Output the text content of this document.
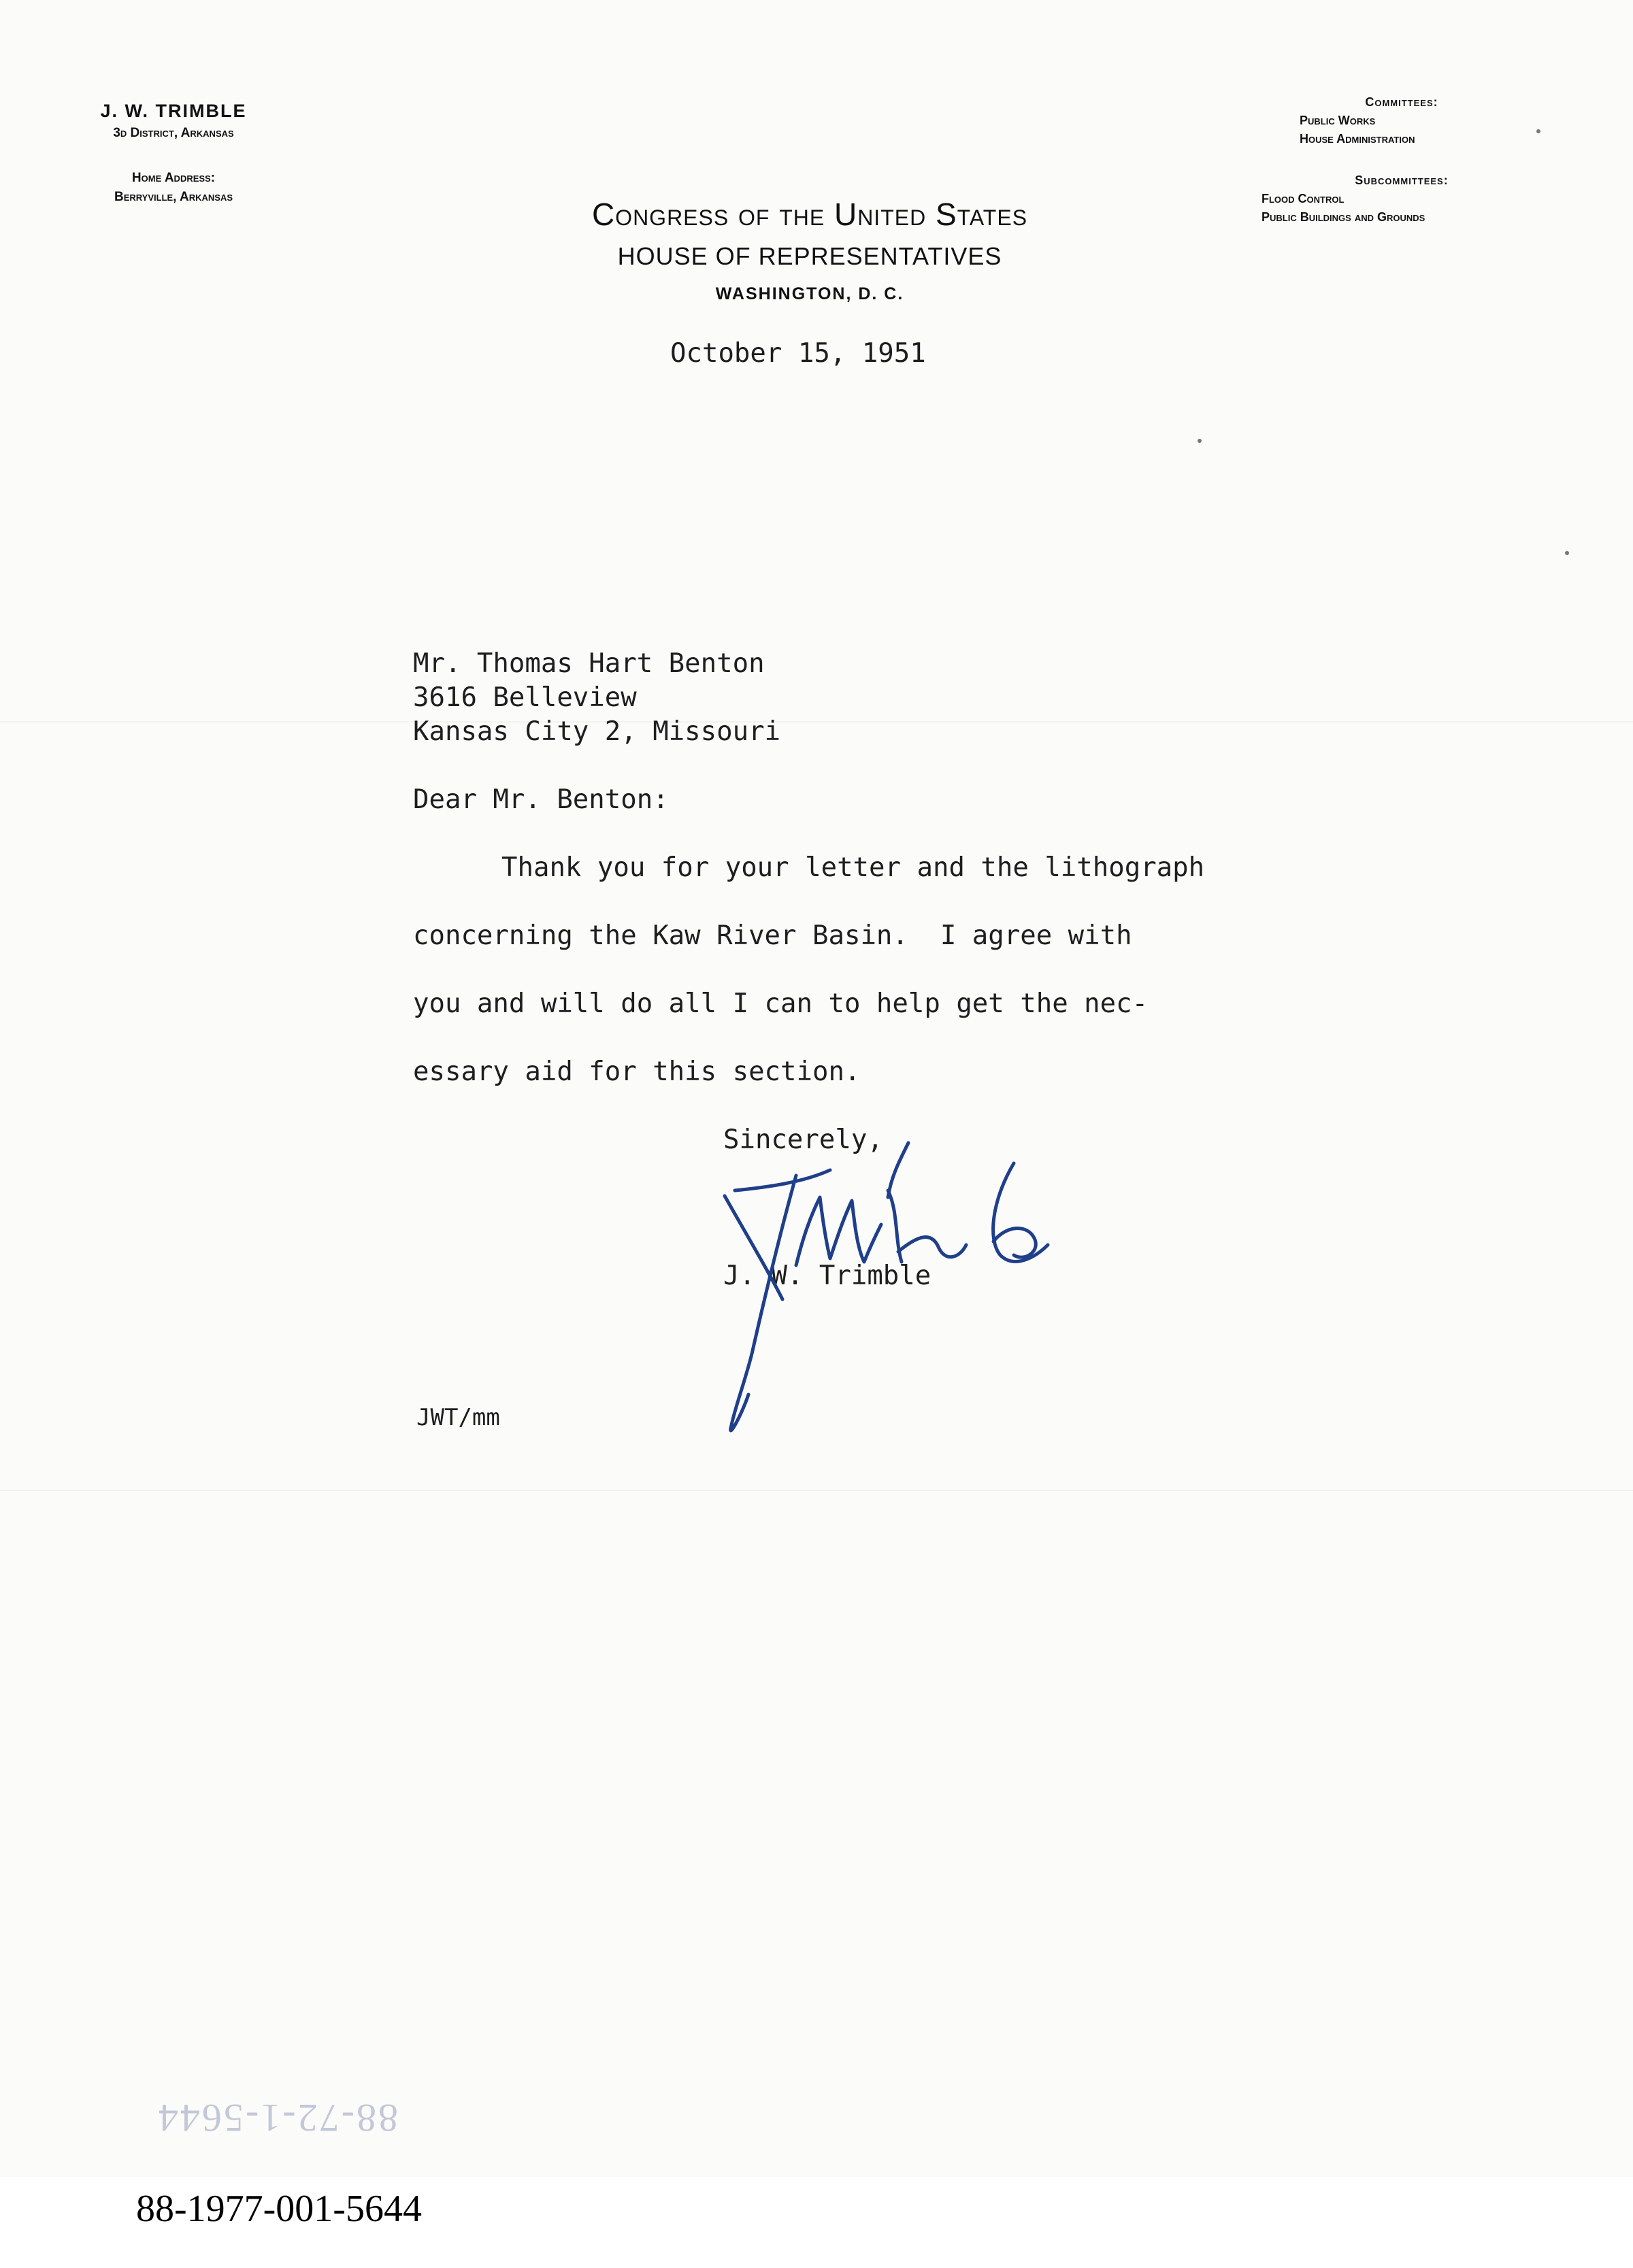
J. W. TRIMBLE
3d District, Arkansas
Home Address:
Berryville, Arkansas	Congress of the United States
HOUSE OF REPRESENTATIVES
WASHINGTON, D. C.
Committees:
Public Works
House Administration
Subcommittees:
Flood Control
Public Buildings and Grounds
October 15, 1951
Mr. Thomas Hart Benton
3616 Belleview
Kansas City 2, Missouri
Dear Mr. Benton:
Thank you for your letter and the lithograph
concerning the Kaw River Basin.  I agree with
you and will do all I can to help get the nec-
essary aid for this section.
Sincerely,
J. W. Trimble
JWT/mm
88-72-1-5644
88-1977-001-5644
